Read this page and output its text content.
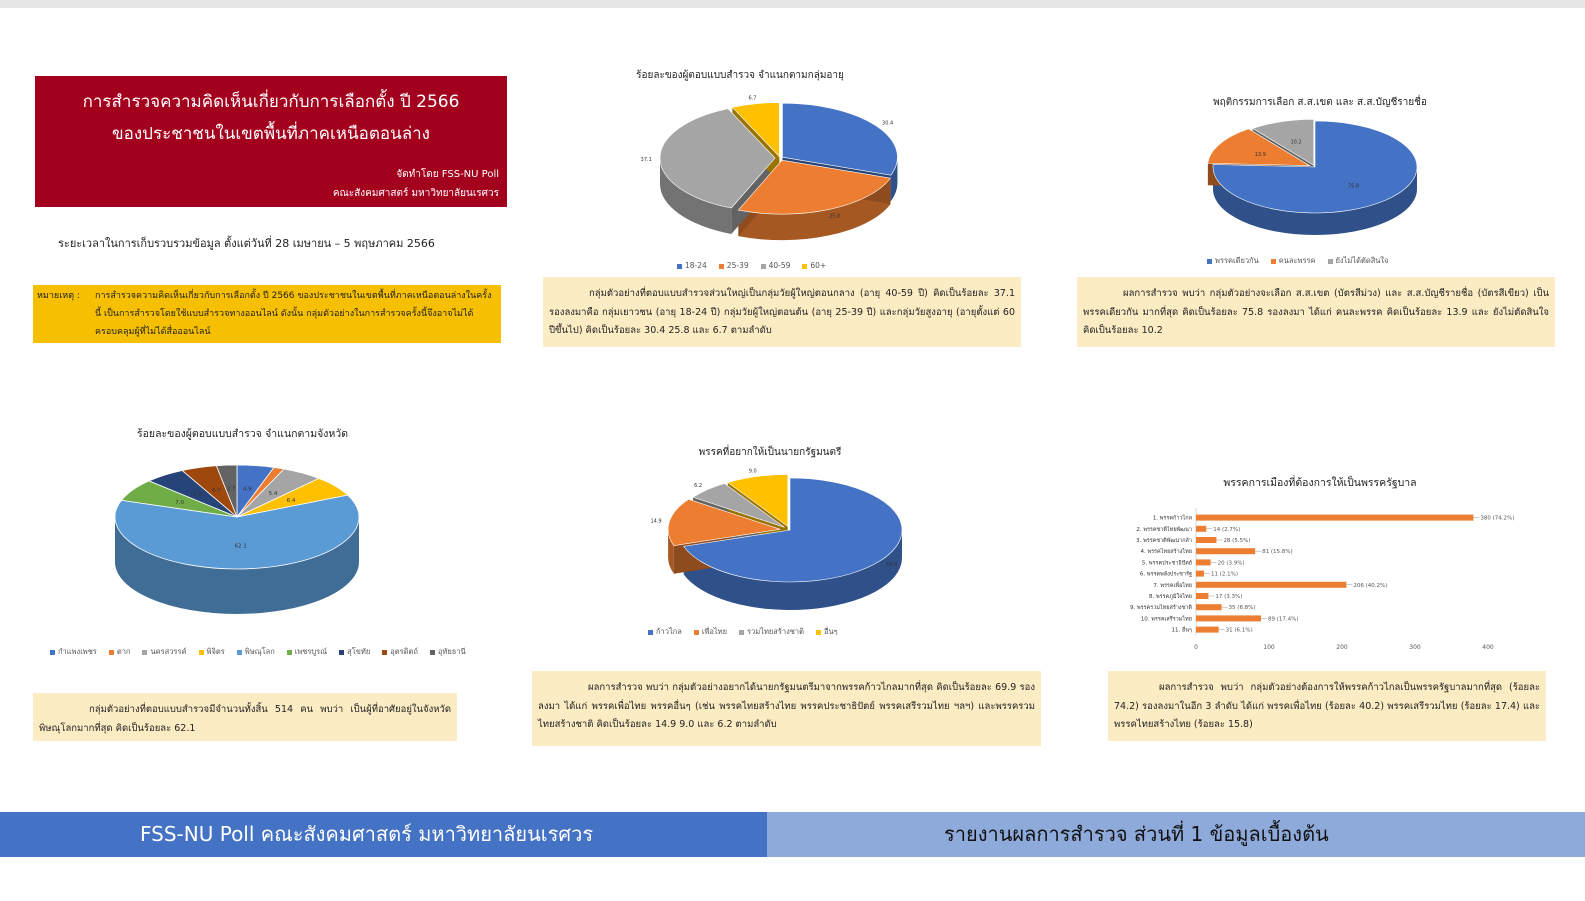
การสำรวจความคิดเห็นเกี่ยวกับการเลือกตั้ง ปี 2566
ของประชาชนในเขตพื้นที่ภาคเหนือตอนล่าง
จัดทำโดย FSS-NU Poll
คณะสังคมศาสตร์ มหาวิทยาลัยนเรศวร
ระยะเวลาในการเก็บรวบรวมข้อมูล ตั้งแต่วันที่ 28 เมษายน – 5 พฤษภาคม 2566
หมายเหตุ :	การสำรวจความคิดเห็นเกี่ยวกับการเลือกตั้ง ปี 2566 ของประชาชนในเขตพื้นที่ภาคเหนือตอนล่างในครั้งนี้ เป็นการสำรวจโดยใช้แบบสำรวจทางออนไลน์ ดังนั้น กลุ่มตัวอย่างในการสำรวจครั้งนี้จึงอาจไม่ได้ครอบคลุมผู้ที่ไม่ได้สื่อออนไลน์
ร้อยละของผู้ตอบแบบสำรวจ จำแนกตามกลุ่มอายุ
พฤติกรรมการเลือก ส.ส.เขต และ ส.ส.บัญชีรายชื่อ
ร้อยละของผู้ตอบแบบสำรวจ จำแนกตามจังหวัด
พรรคที่อยากให้เป็นนายกรัฐมนตรี
พรรคการเมืองที่ต้องการให้เป็นพรรครัฐบาล
30.4
25.8
37.1
6.7
75.8
13.9
10.2
4.9
5.4
6.4
62.1
7.0
5.4
4.7 2.7
69.9
14.9
6.2
9.0
0	100	200	300	400
1. พรรคก้าวไกล	380 (74.2%)
2. พรรคชาติไทยพัฒนา	14 (2.7%)
3. พรรคชาติพัฒนากล้า	28 (5.5%)
4. พรรคไทยสร้างไทย	81 (15.8%)
5. พรรคประชาธิปัตย์	20 (3.9%)
6. พรรคพลังประชารัฐ	11 (2.1%)
7. พรรคเพื่อไทย	206 (40.2%)
8. พรรคภูมิใจไทย	17 (3.3%)
9. พรรครวมไทยสร้างชาติ	35 (6.8%)
10. พรรคเสรีรวมไทย	89 (17.4%)
11. อื่นๆ	31 (6.1%)
18-24	25-39	40-59	60+
พรรคเดียวกัน	คนละพรรค	ยังไม่ได้ตัดสินใจ
กำแพงเพชร	ตาก	นครสวรรค์	พิจิตร	พิษณุโลก	เพชรบูรณ์	สุโขทัย	อุตรดิตถ์	อุทัยธานี
ก้าวไกล	เพื่อไทย	รวมไทยสร้างชาติ	อื่นๆ
กลุ่มตัวอย่างที่ตอบแบบสำรวจส่วนใหญ่เป็นกลุ่มวัยผู้ใหญ่ตอนกลาง (อายุ 40-59 ปี) คิดเป็นร้อยละ 37.1 รองลงมาคือ กลุ่มเยาวชน (อายุ 18-24 ปี) กลุ่มวัยผู้ใหญ่ตอนต้น (อายุ 25-39 ปี) และกลุ่มวัยสูงอายุ (อายุตั้งแต่ 60 ปีขึ้นไป) คิดเป็นร้อยละ 30.4 25.8 และ 6.7 ตามลำดับ
ผลการสำรวจ พบว่า กลุ่มตัวอย่างจะเลือก ส.ส.เขต (บัตรสีม่วง) และ ส.ส.บัญชีรายชื่อ (บัตรสีเขียว) เป็น พรรคเดียวกัน มากที่สุด คิดเป็นร้อยละ 75.8 รองลงมา ได้แก่ คนละพรรค คิดเป็นร้อยละ 13.9 และ ยังไม่ตัดสินใจ คิดเป็นร้อยละ 10.2
กลุ่มตัวอย่างที่ตอบแบบสำรวจมีจำนวนทั้งสิ้น 514 คน พบว่า เป็นผู้ที่อาศัยอยู่ในจังหวัดพิษณุโลกมากที่สุด คิดเป็นร้อยละ 62.1
ผลการสำรวจ พบว่า กลุ่มตัวอย่างอยากได้นายกรัฐมนตรีมาจากพรรคก้าวไกลมากที่สุด คิดเป็นร้อยละ 69.9 รองลงมา ได้แก่ พรรคเพื่อไทย พรรคอื่นๆ (เช่น พรรคไทยสร้างไทย พรรคประชาธิปัตย์ พรรคเสรีรวมไทย ฯลฯ) และพรรครวมไทยสร้างชาติ คิดเป็นร้อยละ 14.9 9.0 และ 6.2 ตามลำดับ
ผลการสำรวจ พบว่า กลุ่มตัวอย่างต้องการให้พรรคก้าวไกลเป็นพรรครัฐบาลมากที่สุด (ร้อยละ 74.2) รองลงมาในอีก 3 ลำดับ ได้แก่ พรรคเพื่อไทย (ร้อยละ 40.2) พรรคเสรีรวมไทย (ร้อยละ 17.4) และ พรรคไทยสร้างไทย (ร้อยละ 15.8)
FSS-NU Poll คณะสังคมศาสตร์ มหาวิทยาลัยนเรศวร	รายงานผลการสำรวจ ส่วนที่ 1 ข้อมูลเบื้องต้น
